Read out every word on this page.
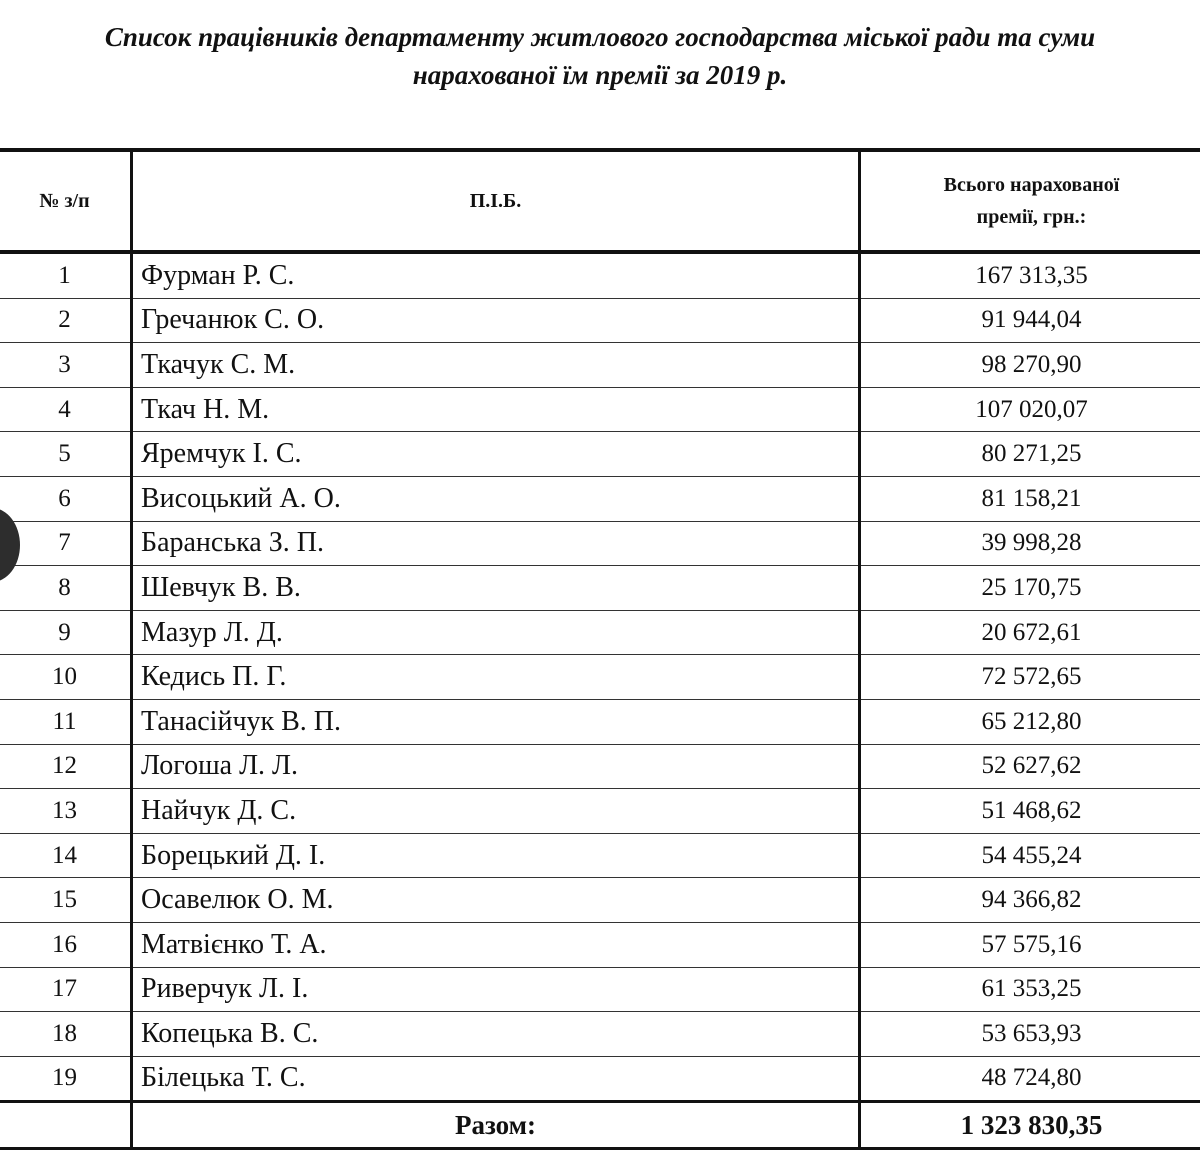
Список працівників департаменту житлового господарства міської ради та суми
нарахованої їм премії за 2019 р.
№ з/п	П.І.Б.	Всього нарахованої
премії, грн.:

1	Фурман Р. С.	167 313,35
2	Гречанюк С. О.	91 944,04
3	Ткачук С. М.	98 270,90
4	Ткач Н. М.	107 020,07
5	Яремчук І. С.	80 271,25
6	Висоцький А. О.	81 158,21
7	Баранська З. П.	39 998,28
8	Шевчук В. В.	25 170,75
9	Мазур Л. Д.	20 672,61
10	Кедись П. Г.	72 572,65
11	Танасійчук В. П.	65 212,80
12	Логоша Л. Л.	52 627,62
13	Найчук Д. С.	51 468,62
14	Борецький Д. І.	54 455,24
15	Осавелюк О. М.	94 366,82
16	Матвієнко Т. А.	57 575,16
17	Риверчук Л. І.	61 353,25
18	Копецька В. С.	53 653,93
19	Білецька Т. С.	48 724,80
	Разом:	1 323 830,35
